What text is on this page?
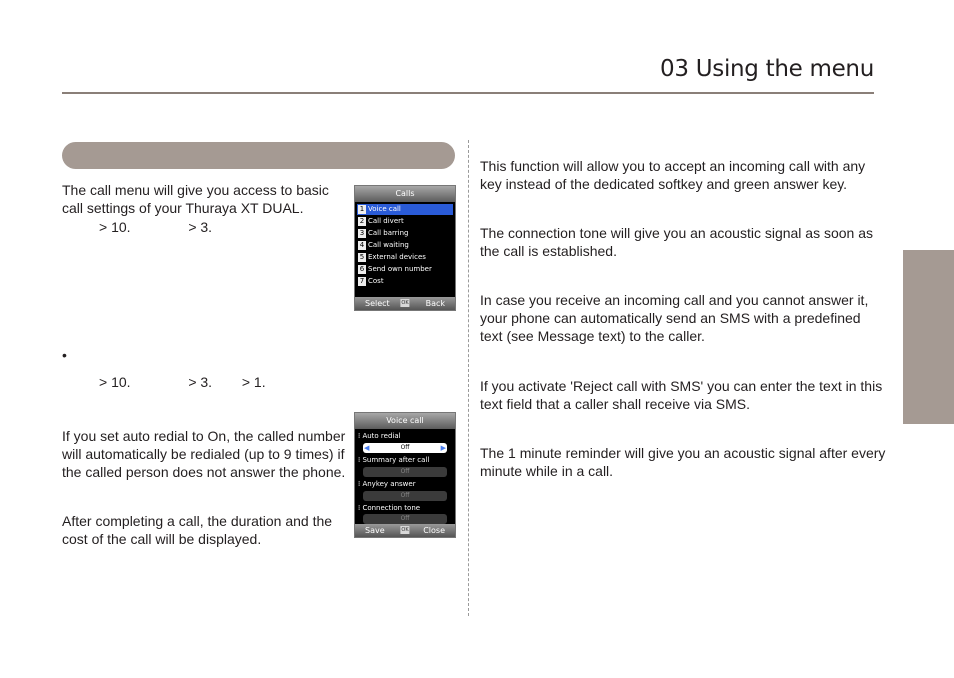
03 Using the menu
The call menu will give you access to basic
call settings of your Thuraya XT DUAL.
> 10.	> 3.
•
> 10.	> 3. > 1.
If you set auto redial to On, the called number
will automatically be redialed (up to 9 times) if
the called person does not answer the phone.
After completing a call, the duration and the
cost of the call will be displayed.
Calls
1 Voice call
2 Call divert
3 Call barring
4 Call waiting
5 External devices
6 Send own number
7 Cost
Select OK Back
Voice call
⁞ Auto redial
◀	Off	▶
⁞ Summary after call
Off
⁞ Anykey answer
Off
⁞ Connection tone
Off
Save	OK Close
This function will allow you to accept an incoming call with any
key instead of the dedicated softkey and green answer key.
The connection tone will give you an acoustic signal as soon as
the call is established.
In case you receive an incoming call and you cannot answer it,
your phone can automatically send an SMS with a predefined
text (see Message text) to the caller.
If you activate 'Reject call with SMS' you can enter the text in this
text field that a caller shall receive via SMS.
The 1 minute reminder will give you an acoustic signal after every
minute while in a call.
